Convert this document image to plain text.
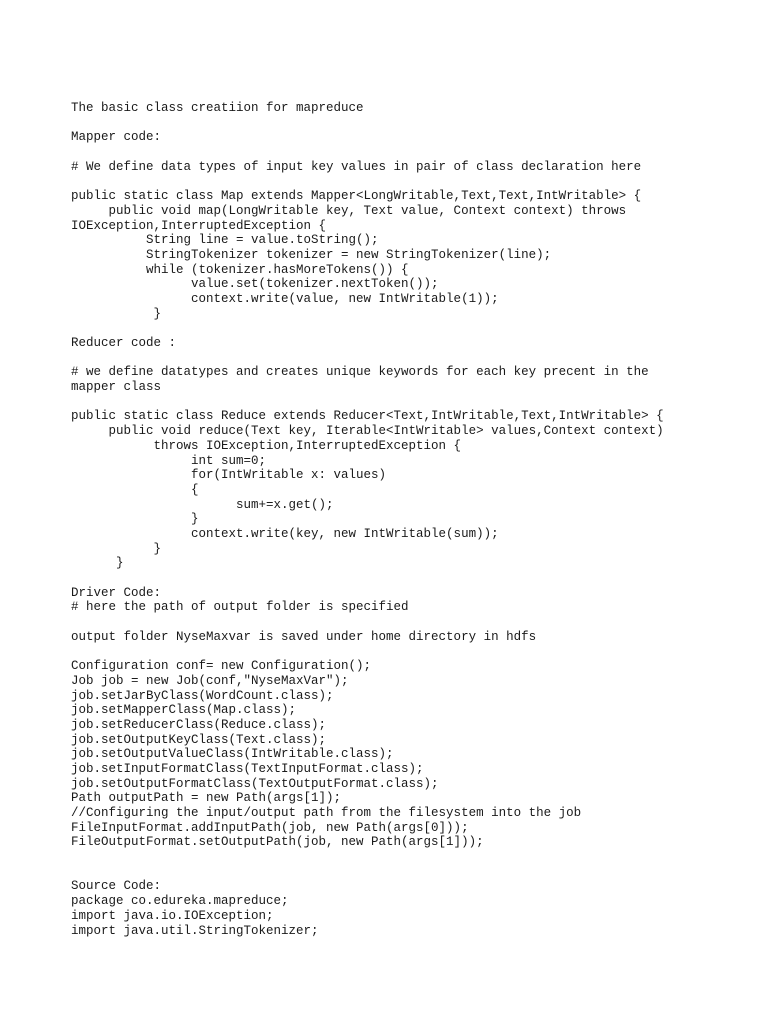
The basic class creatiion for mapreduce
Mapper code:
# We define data types of input key values in pair of class declaration here
public static class Map extends Mapper<LongWritable,Text,Text,IntWritable> {
public void map(LongWritable key, Text value, Context context) throws
IOException,InterruptedException {
String line = value.toString();
StringTokenizer tokenizer = new StringTokenizer(line);
while (tokenizer.hasMoreTokens()) {
value.set(tokenizer.nextToken());
context.write(value, new IntWritable(1));
}
Reducer code :
# we define datatypes and creates unique keywords for each key precent in the
mapper class
public static class Reduce extends Reducer<Text,IntWritable,Text,IntWritable> {
public void reduce(Text key, Iterable<IntWritable> values,Context context)
throws IOException,InterruptedException {
int sum=0;
for(IntWritable x: values)
{
sum+=x.get();
}
context.write(key, new IntWritable(sum));
}
}
Driver Code:
# here the path of output folder is specified
output folder NyseMaxvar is saved under home directory in hdfs
Configuration conf= new Configuration();
Job job = new Job(conf,"NyseMaxVar");
job.setJarByClass(WordCount.class);
job.setMapperClass(Map.class);
job.setReducerClass(Reduce.class);
job.setOutputKeyClass(Text.class);
job.setOutputValueClass(IntWritable.class);
job.setInputFormatClass(TextInputFormat.class);
job.setOutputFormatClass(TextOutputFormat.class);
Path outputPath = new Path(args[1]);
//Configuring the input/output path from the filesystem into the job
FileInputFormat.addInputPath(job, new Path(args[0]));
FileOutputFormat.setOutputPath(job, new Path(args[1]));
Source Code:
package co.edureka.mapreduce;
import java.io.IOException;
import java.util.StringTokenizer;
